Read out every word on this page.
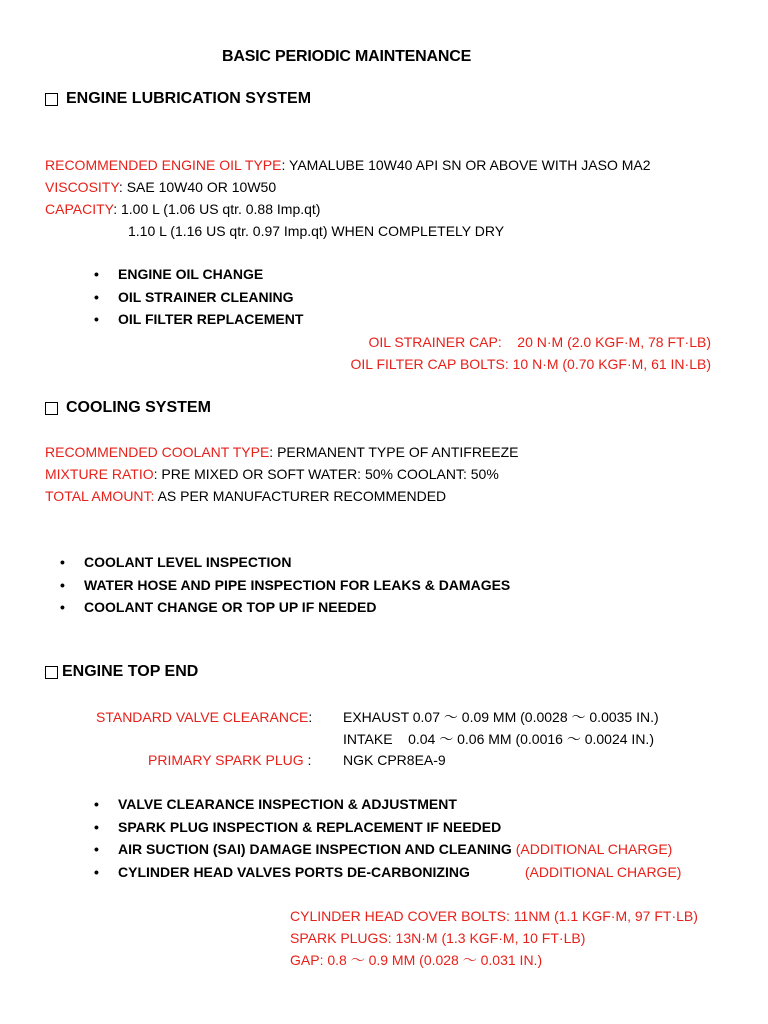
BASIC PERIODIC MAINTENANCE
ENGINE LUBRICATION SYSTEM
RECOMMENDED ENGINE OIL TYPE: YAMALUBE 10W40 API SN OR ABOVE WITH JASO MA2
VISCOSITY: SAE 10W40 OR 10W50
CAPACITY: 1.00 L (1.06 US qtr. 0.88 Imp.qt)
1.10 L (1.16 US qtr. 0.97 Imp.qt) WHEN COMPLETELY DRY
• ENGINE OIL CHANGE
• OIL STRAINER CLEANING
• OIL FILTER REPLACEMENT
OIL STRAINER CAP:    20 N·M (2.0 KGF·M, 78 FT·LB)
OIL FILTER CAP BOLTS: 10 N·M (0.70 KGF·M, 61 IN·LB)
COOLING SYSTEM
RECOMMENDED COOLANT TYPE: PERMANENT TYPE OF ANTIFREEZE
MIXTURE RATIO: PRE MIXED OR SOFT WATER: 50% COOLANT: 50%
TOTAL AMOUNT: AS PER MANUFACTURER RECOMMENDED
• COOLANT LEVEL INSPECTION
• WATER HOSE AND PIPE INSPECTION FOR LEAKS & DAMAGES
• COOLANT CHANGE OR TOP UP IF NEEDED
ENGINE TOP END
STANDARD VALVE CLEARANCE: EXHAUST 0.07 ～ 0.09 MM (0.0028 ～ 0.0035 IN.)
INTAKE    0.04 ～ 0.06 MM (0.0016 ～ 0.0024 IN.)
PRIMARY SPARK PLUG : NGK CPR8EA-9
• VALVE CLEARANCE INSPECTION & ADJUSTMENT
• SPARK PLUG INSPECTION & REPLACEMENT IF NEEDED
• AIR SUCTION (SAI) DAMAGE INSPECTION AND CLEANING (ADDITIONAL CHARGE)
• CYLINDER HEAD VALVES PORTS DE-CARBONIZING	(ADDITIONAL CHARGE)
CYLINDER HEAD COVER BOLTS: 11NM (1.1 KGF·M, 97 FT·LB)
SPARK PLUGS: 13N·M (1.3 KGF·M, 10 FT·LB)
GAP: 0.8 ～ 0.9 MM (0.028 ～ 0.031 IN.)
